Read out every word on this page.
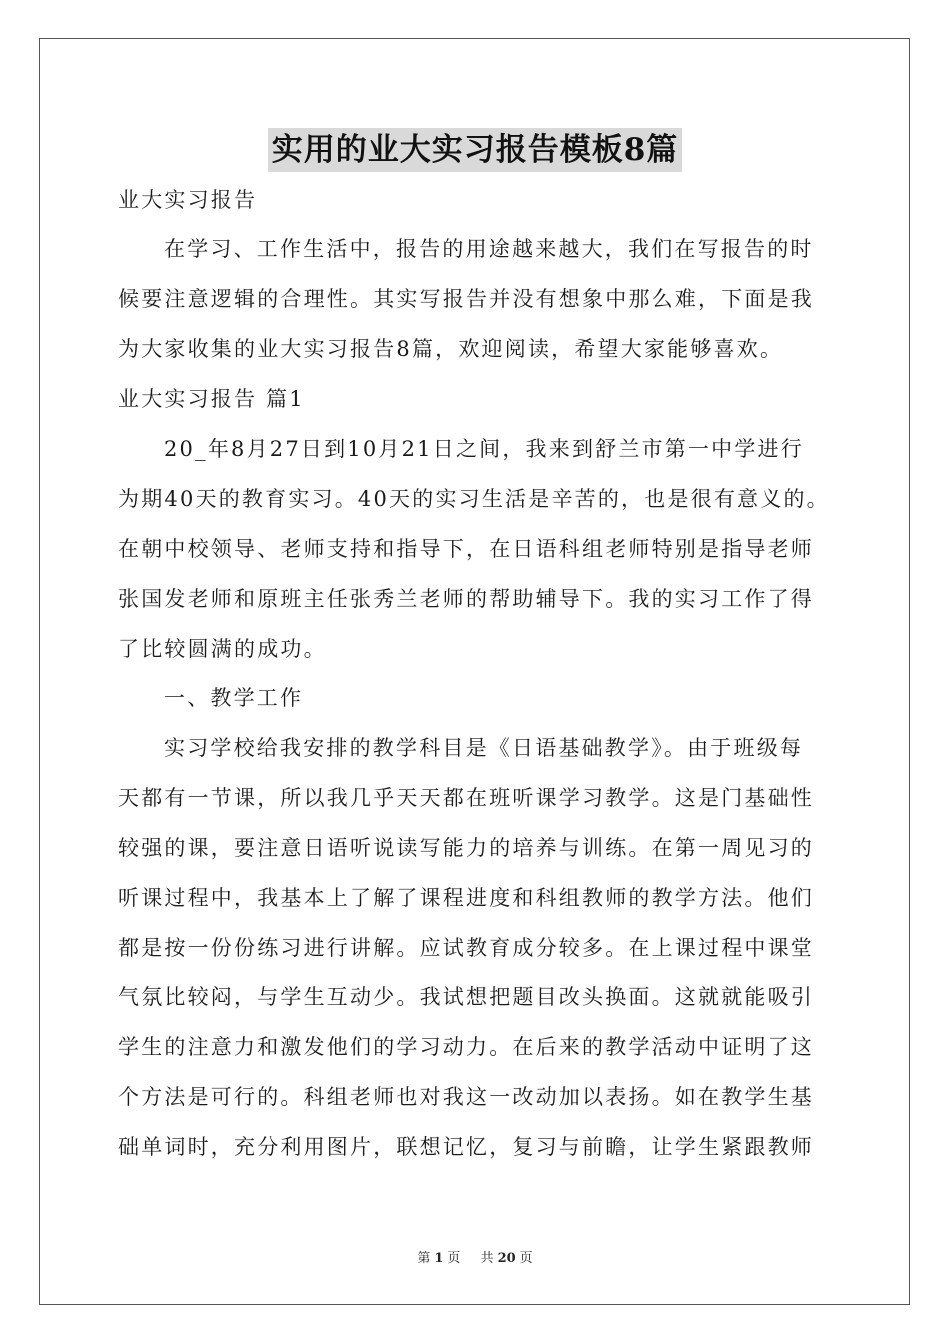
实用的业大实习报告模板8篇
业大实习报告
在学习、工作生活中，报告的用途越来越大，我们在写报告的时
候要注意逻辑的合理性。其实写报告并没有想象中那么难，下面是我
为大家收集的业大实习报告8篇，欢迎阅读，希望大家能够喜欢。
业大实习报告 篇1
20_年8月27日到10月21日之间，我来到舒兰市第一中学进行
为期40天的教育实习。40天的实习生活是辛苦的，也是很有意义的。
在朝中校领导、老师支持和指导下，在日语科组老师特别是指导老师
张国发老师和原班主任张秀兰老师的帮助辅导下。我的实习工作了得
了比较圆满的成功。
一、教学工作
实习学校给我安排的教学科目是《日语基础教学》。由于班级每
天都有一节课，所以我几乎天天都在班听课学习教学。这是门基础性
较强的课，要注意日语听说读写能力的培养与训练。在第一周见习的
听课过程中，我基本上了解了课程进度和科组教师的教学方法。他们
都是按一份份练习进行讲解。应试教育成分较多。在上课过程中课堂
气氛比较闷，与学生互动少。我试想把题目改头换面。这就就能吸引
学生的注意力和激发他们的学习动力。在后来的教学活动中证明了这
个方法是可行的。科组老师也对我这一改动加以表扬。如在教学生基
础单词时，充分利用图片，联想记忆，复习与前瞻，让学生紧跟教师
第 1 页 共 20 页
